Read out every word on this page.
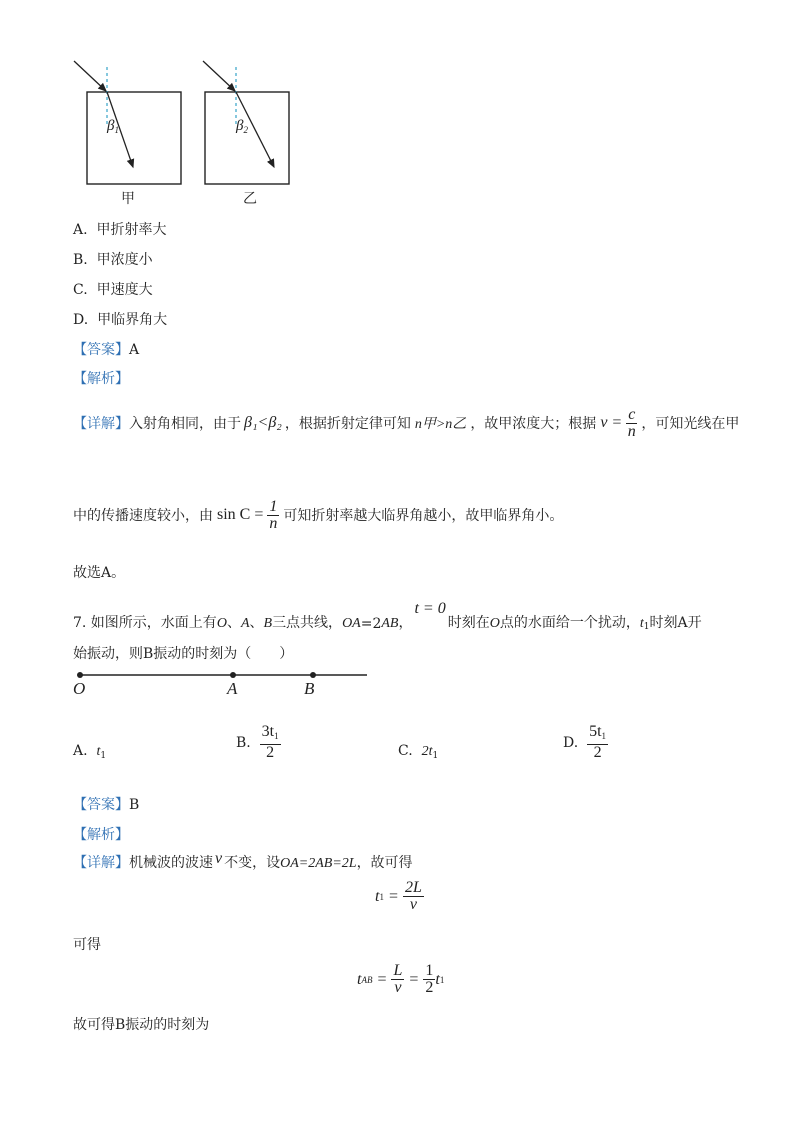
$\beta_1$	$\beta_2$
甲	乙
A. 甲折射率大
B. 甲浓度小
C. 甲速度大
D. 甲临界角大
【答案】A
【解析】
【详解】 入射角相同，由于 β₁<β₂ ，根据折射定律可知 n甲>n乙 ，故甲浓度大；根据 $v = \frac{c}{n}$ ，可知光线在甲
中的传播速度较小，由 $\sin C = \frac{1}{n}$ 可知折射率越大临界角越小，故甲临界角小。
故选A。
7. 如图所示，水面上有 O 、 A 、 B 三点共线， OA =2 AB ，
t = 0
时刻在 O 点的水面给一个扰动， t 1 时刻A开
始振动，则B振动的时刻为（　　）
O	A	B
A. $t_1$
B.
$\frac{3t_1}{2}$	C. $2t_1$
D.
$\frac{5t_1}{2}$
【答案】B
【解析】
【详解】机械波的波速 v 不变，设OA=2AB=2L，故可得
t $1 = \frac{2L}{v}$
可得
t AB = $\frac{L}{v} = \frac{1}{2}$ t 1
故可得B振动的时刻为
